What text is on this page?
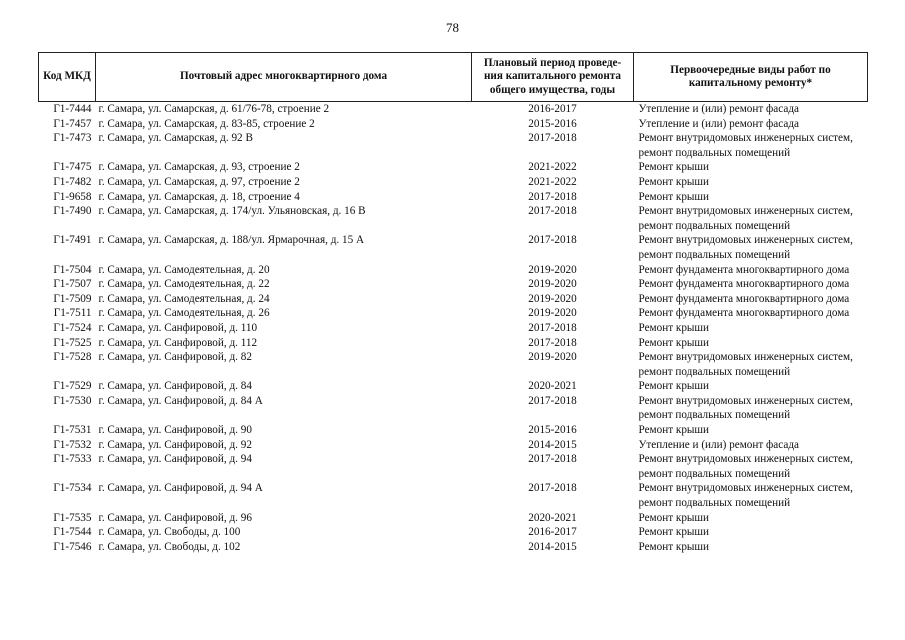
78
Код МКД	Почтовый адрес многоквартирного дома	Плановый период проведе-ния капитального ремонта общего имущества, годы	Первоочередные виды работ по капитальному ремонту*
Г1-7444	г. Самара, ул. Самарская, д. 61/76-78, строение 2	2016-2017	Утепление и (или) ремонт фасада
Г1-7457	г. Самара, ул. Самарская, д. 83-85, строение 2	2015-2016	Утепление и (или) ремонт фасада
Г1-7473	г. Самара, ул. Самарская, д. 92 В	2017-2018	Ремонт внутридомовых инженерных систем, ремонт подвальных помещений
Г1-7475	г. Самара, ул. Самарская, д. 93, строение 2	2021-2022	Ремонт крыши
Г1-7482	г. Самара, ул. Самарская, д. 97, строение 2	2021-2022	Ремонт крыши
Г1-9658	г. Самара, ул. Самарская, д. 18, строение 4	2017-2018	Ремонт крыши
Г1-7490	г. Самара, ул. Самарская, д. 174/ул. Ульяновская, д. 16 В	2017-2018	Ремонт внутридомовых инженерных систем, ремонт подвальных помещений
Г1-7491	г. Самара, ул. Самарская, д. 188/ул. Ярмарочная, д. 15 А	2017-2018	Ремонт внутридомовых инженерных систем, ремонт подвальных помещений
Г1-7504	г. Самара, ул. Самодеятельная, д. 20	2019-2020	Ремонт фундамента многоквартирного дома
Г1-7507	г. Самара, ул. Самодеятельная, д. 22	2019-2020	Ремонт фундамента многоквартирного дома
Г1-7509	г. Самара, ул. Самодеятельная, д. 24	2019-2020	Ремонт фундамента многоквартирного дома
Г1-7511	г. Самара, ул. Самодеятельная, д. 26	2019-2020	Ремонт фундамента многоквартирного дома
Г1-7524	г. Самара, ул. Санфировой, д. 110	2017-2018	Ремонт крыши
Г1-7525	г. Самара, ул. Санфировой, д. 112	2017-2018	Ремонт крыши
Г1-7528	г. Самара, ул. Санфировой, д. 82	2019-2020	Ремонт внутридомовых инженерных систем, ремонт подвальных помещений
Г1-7529	г. Самара, ул. Санфировой, д. 84	2020-2021	Ремонт крыши
Г1-7530	г. Самара, ул. Санфировой, д. 84 А	2017-2018	Ремонт внутридомовых инженерных систем, ремонт подвальных помещений
Г1-7531	г. Самара, ул. Санфировой, д. 90	2015-2016	Ремонт крыши
Г1-7532	г. Самара, ул. Санфировой, д. 92	2014-2015	Утепление и (или) ремонт фасада
Г1-7533	г. Самара, ул. Санфировой, д. 94	2017-2018	Ремонт внутридомовых инженерных систем, ремонт подвальных помещений
Г1-7534	г. Самара, ул. Санфировой, д. 94 А	2017-2018	Ремонт внутридомовых инженерных систем, ремонт подвальных помещений
Г1-7535	г. Самара, ул. Санфировой, д. 96	2020-2021	Ремонт крыши
Г1-7544	г. Самара, ул. Свободы, д. 100	2016-2017	Ремонт крыши
Г1-7546	г. Самара, ул. Свободы, д. 102	2014-2015	Ремонт крыши
